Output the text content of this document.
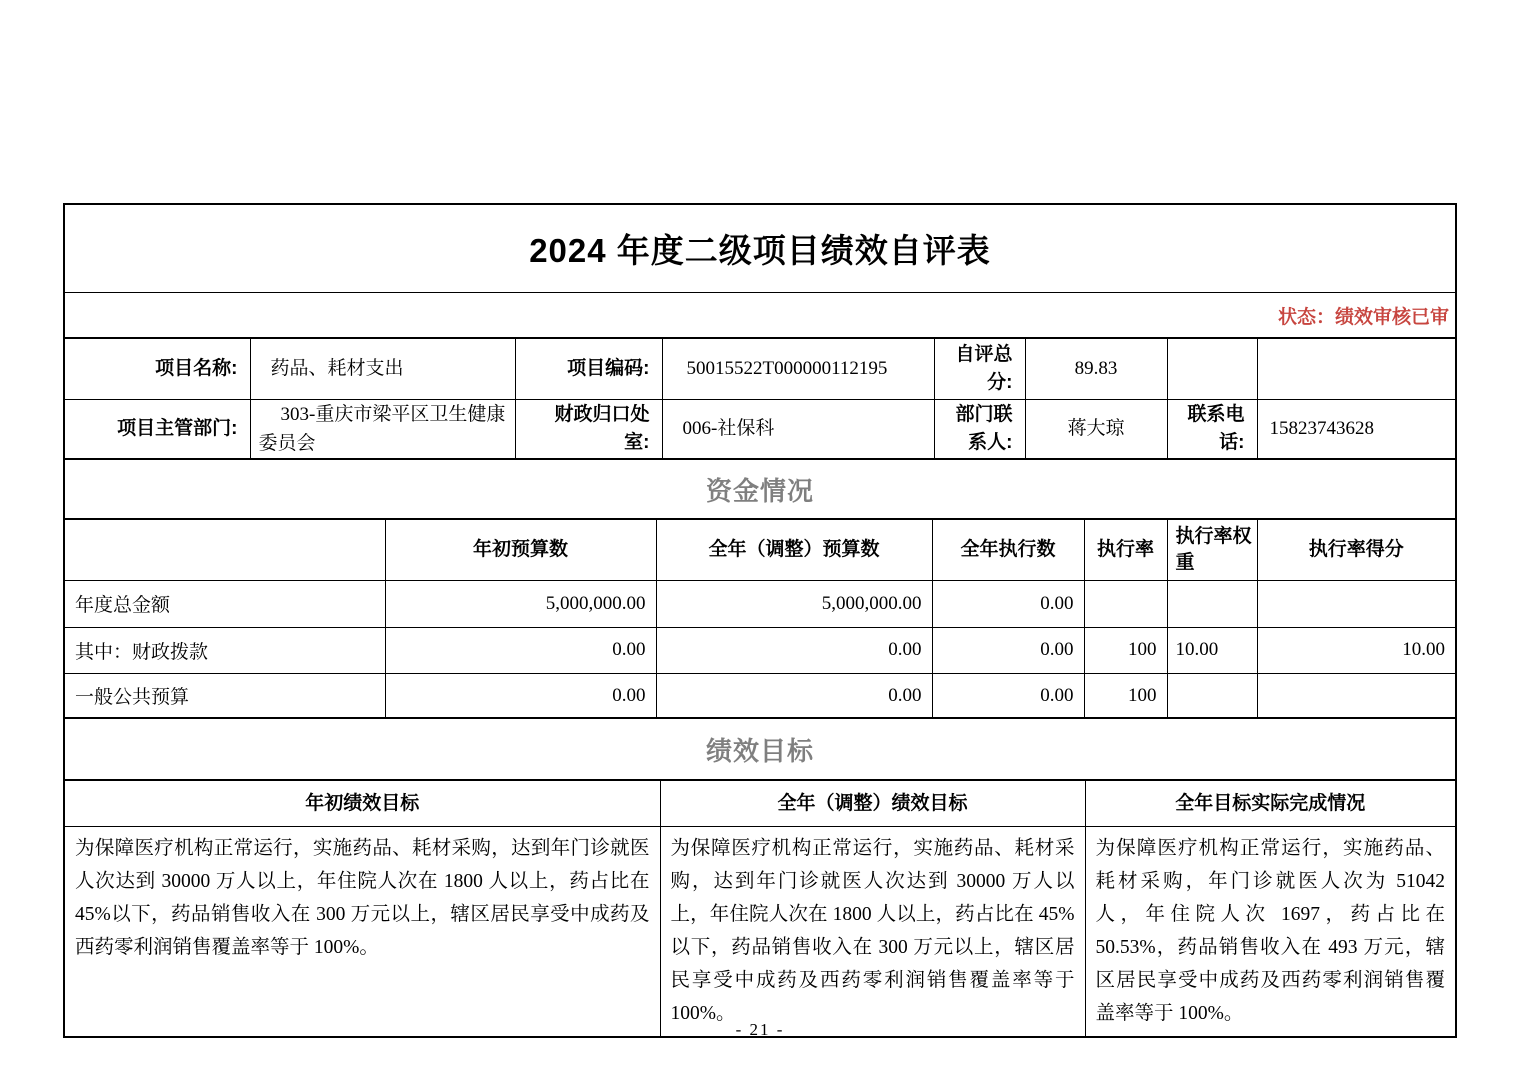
2024 年度二级项目绩效自评表
状态：绩效审核已审
项目名称:	药品、耗材支出	项目编码:	50015522T000000112195	自评总分:	89.83		
项目主管部门:	303-重庆市梁平区卫生健康委员会	财政归口处室:	006-社保科	部门联系人:	蒋大琼	联系电话:	15823743628
资金情况
	年初预算数	全年（调整）预算数	全年执行数	执行率	执行率权重	执行率得分
年度总金额	5,000,000.00	5,000,000.00	0.00			
其中：财政拨款	0.00	0.00	0.00	100	10.00	10.00
一般公共预算	0.00	0.00	0.00	100		
绩效目标
年初绩效目标	全年（调整）绩效目标	全年目标实际完成情况
为保障医疗机构正常运行，实施药品、耗材采购，达到年门诊就医人次达到 30000 万人以上，年住院人次在 1800 人以上，药占比在 45%以下，药品销售收入在 300 万元以上，辖区居民享受中成药及西药零利润销售覆盖率等于 100%。	为保障医疗机构正常运行，实施药品、耗材采购，达到年门诊就医人次达到 30000 万人以上，年住院人次在 1800 人以上，药占比在 45%以下，药品销售收入在 300 万元以上，辖区居民享受中成药及西药零利润销售覆盖率等于 100%。	为保障医疗机构正常运行，实施药品、耗材采购，年门诊就医人次为 51042 人，年住院人次 1697，药占比在 50.53%，药品销售收入在 493 万元，辖区居民享受中成药及西药零利润销售覆盖率等于 100%。
- 21 -
